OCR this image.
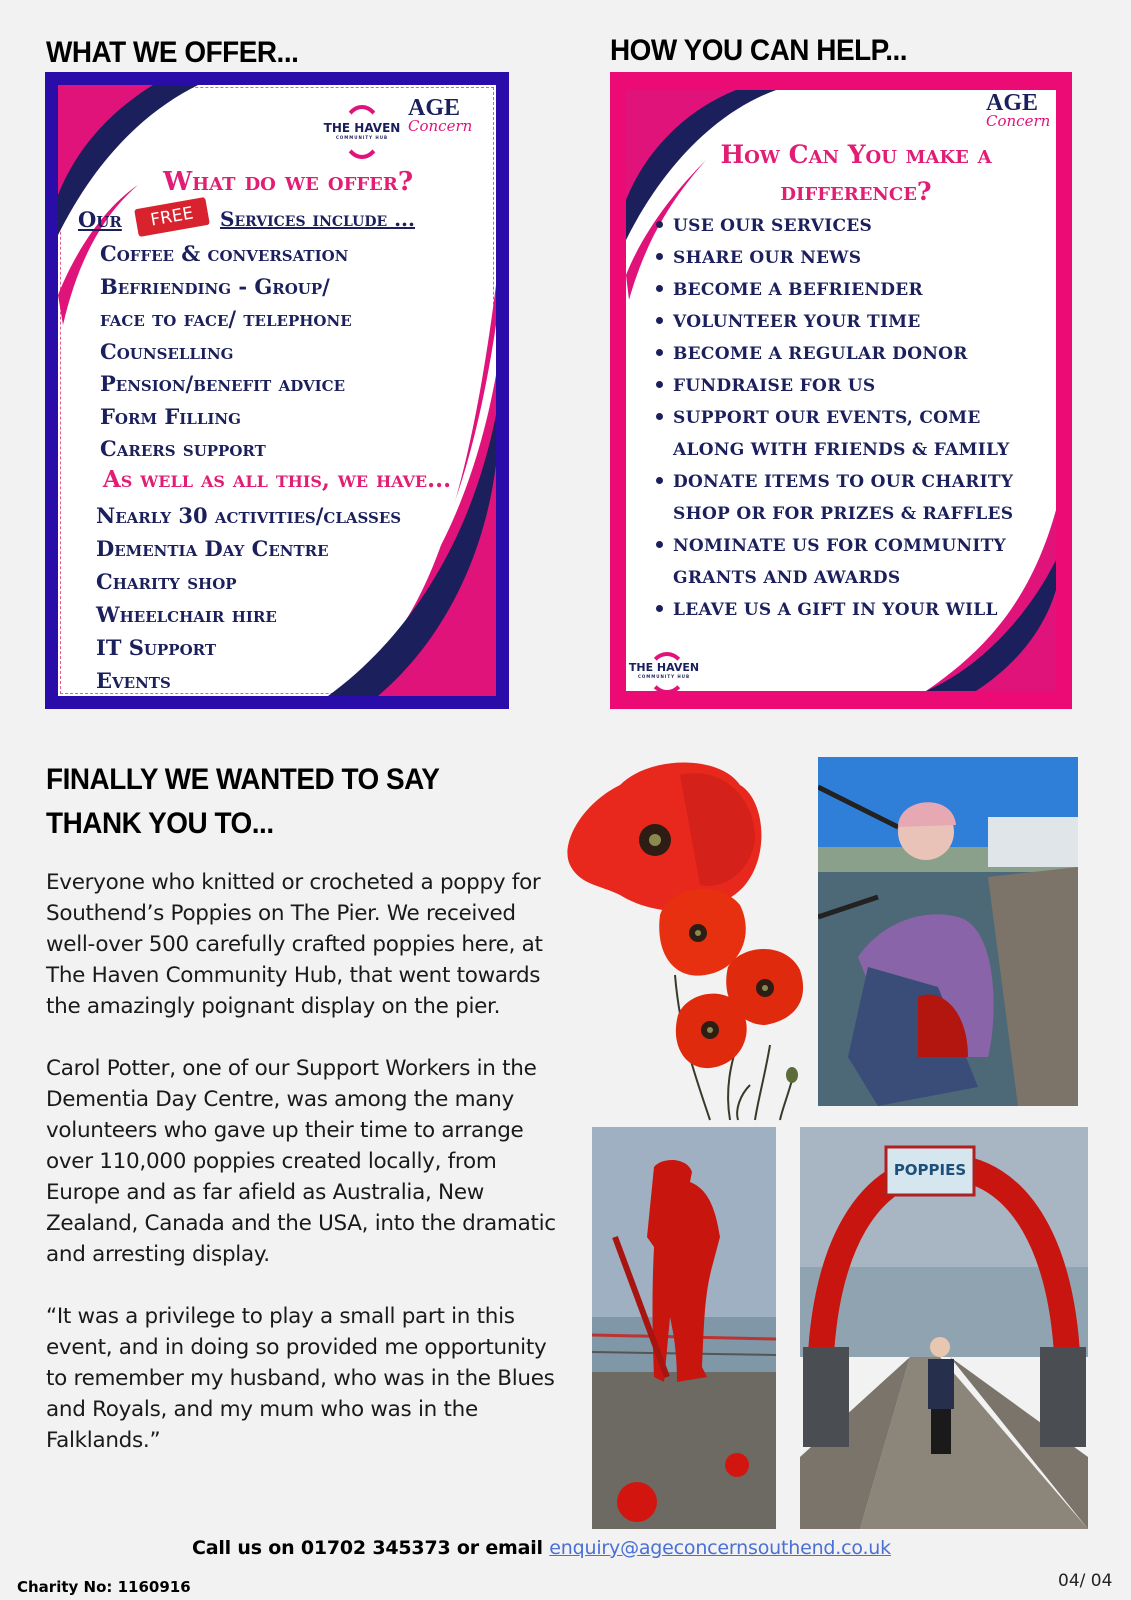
WHAT WE OFFER...	HOW YOU CAN HELP...
THE HAVEN
COMMUNITY HUB
AGE
Concern
What do we offer?
Our	FREE	Services include ...
Coffee & conversation
Befriending - Group/
face to face/ telephone
Counselling
Pension/benefit advice
Form Filling
Carers support
As well as all this, we have...
Nearly 30 activities/classes
Dementia Day Centre
Charity shop
Wheelchair hire
IT Support
Events
AGE
Concern
How Can You make a
difference?
USE OUR SERVICES
SHARE OUR NEWS
BECOME A BEFRIENDER
VOLUNTEER YOUR TIME
BECOME A REGULAR DONOR
FUNDRAISE FOR US
SUPPORT OUR EVENTS, COME
ALONG WITH FRIENDS & FAMILY
DONATE ITEMS TO OUR CHARITY
SHOP OR FOR PRIZES & RAFFLES
NOMINATE US FOR COMMUNITY
GRANTS AND AWARDS
LEAVE US A GIFT IN YOUR WILL
THE HAVEN
COMMUNITY HUB
FINALLY WE WANTED TO SAY
THANK YOU TO...

Everyone who knitted or crocheted a poppy for Southend’s Poppies on The Pier. We received well-over 500 carefully crafted poppies here, at The Haven Community Hub, that went towards the amazingly poignant display on the pier.

Carol Potter, one of our Support Workers in the Dementia Day Centre, was among the many volunteers who gave up their time to arrange over 110,000 poppies created locally, from Europe and as far afield as Australia, New Zealand, Canada and the USA, into the dramatic and arresting display.

“It was a privilege to play a small part in this event, and in doing so provided me opportunity to remember my husband, who was in the Blues and Royals, and my mum who was in the Falklands.”

POPPIES
Call us on 01702 345373 or email enquiry@ageconcernsouthend.co.uk
Charity No: 1160916	04/ 04
